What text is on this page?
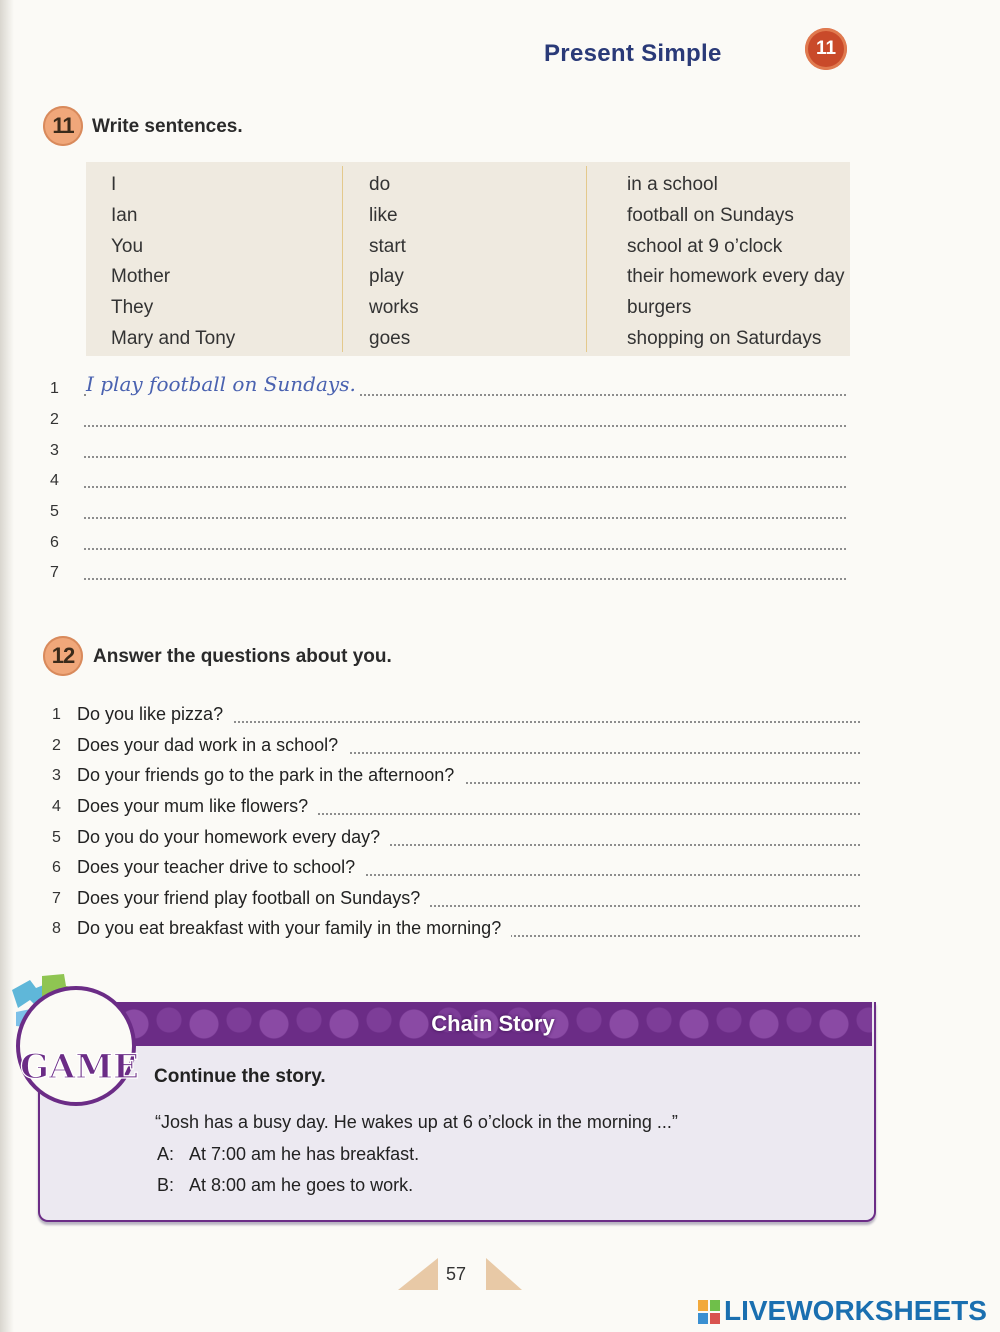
Present Simple	11
11 Write sentences.
I
Ian
You
Mother
They
Mary and Tony
do
like
start
play
works
goes
in a school
football on Sundays
school at 9 o’clock
their homework every day
burgers
shopping on Saturdays
1 I play football on Sundays.
2
3
4
5
6
7
12 Answer the questions about you.
1 Do you like pizza?
2 Does your dad work in a school?
3 Do your friends go to the park in the afternoon?
4 Does your mum like flowers?
5 Do you do your homework every day?
6 Does your teacher drive to school?
7 Does your friend play football on Sundays?
8 Do you eat breakfast with your family in the morning?
Chain Story
GAME Continue the story.
“Josh has a busy day. He wakes up at 6 o’clock in the morning ...”
A: At 7:00 am he has breakfast.
B: At 8:00 am he goes to work.
57
LIVEWORKSHEETS
